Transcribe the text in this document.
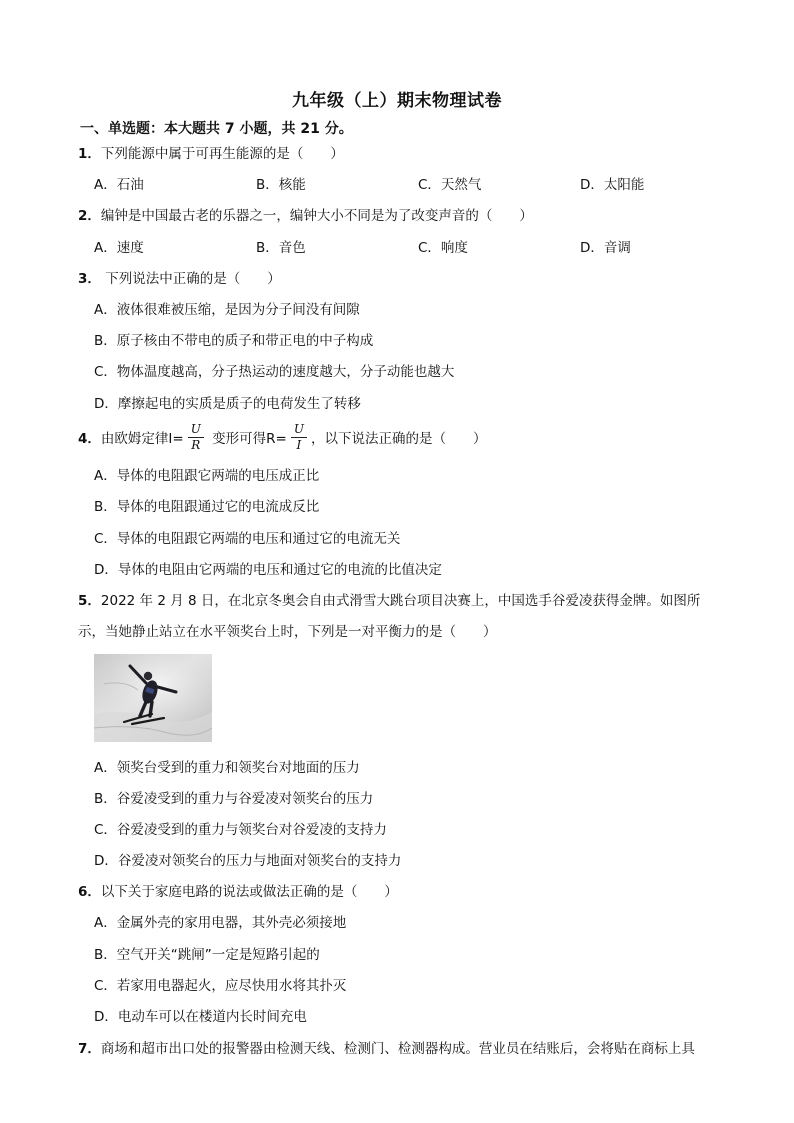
九年级（上）期末物理试卷
一、单选题：本大题共 7 小题，共 21 分。
1．下列能源中属于可再生能源的是（　　）
A．石油	B．核能	C．天然气	D．太阳能
2．编钟是中国最古老的乐器之一，编钟大小不同是为了改变声音的（　　）
A．速度	B．音色	C．响度	D．音调
3． 下列说法中正确的是（　　）
A．液体很难被压缩，是因为分子间没有间隙
B．原子核由不带电的质子和带正电的中子构成
C．物体温度越高，分子热运动的速度越大，分子动能也越大
D．摩擦起电的实质是质子的电荷发生了转移
4．由欧姆定律$I= \frac{U}{R}$ 变形可得$R= \frac{U}{I}$ ，以下说法正确的是（　　）
A．导体的电阻跟它两端的电压成正比
B．导体的电阻跟通过它的电流成反比
C．导体的电阻跟它两端的电压和通过它的电流无关
D．导体的电阻由它两端的电压和通过它的电流的比值决定
5．2022 年 2 月 8 日，在北京冬奥会自由式滑雪大跳台项目决赛上，中国选手谷爱凌获得金牌。如图所
示，当她静止站立在水平领奖台上时，下列是一对平衡力的是（　　）
A．领奖台受到的重力和领奖台对地面的压力
B．谷爱凌受到的重力与谷爱凌对领奖台的压力
C．谷爱凌受到的重力与领奖台对谷爱凌的支持力
D．谷爱凌对领奖台的压力与地面对领奖台的支持力
6．以下关于家庭电路的说法或做法正确的是（　　）
A．金属外壳的家用电器，其外壳必须接地
B．空气开关“跳闸”一定是短路引起的
C．若家用电器起火，应尽快用水将其扑灭
D．电动车可以在楼道内长时间充电
7．商场和超市出口处的报警器由检测天线、检测门、检测器构成。营业员在结账后，会将贴在商标上具
